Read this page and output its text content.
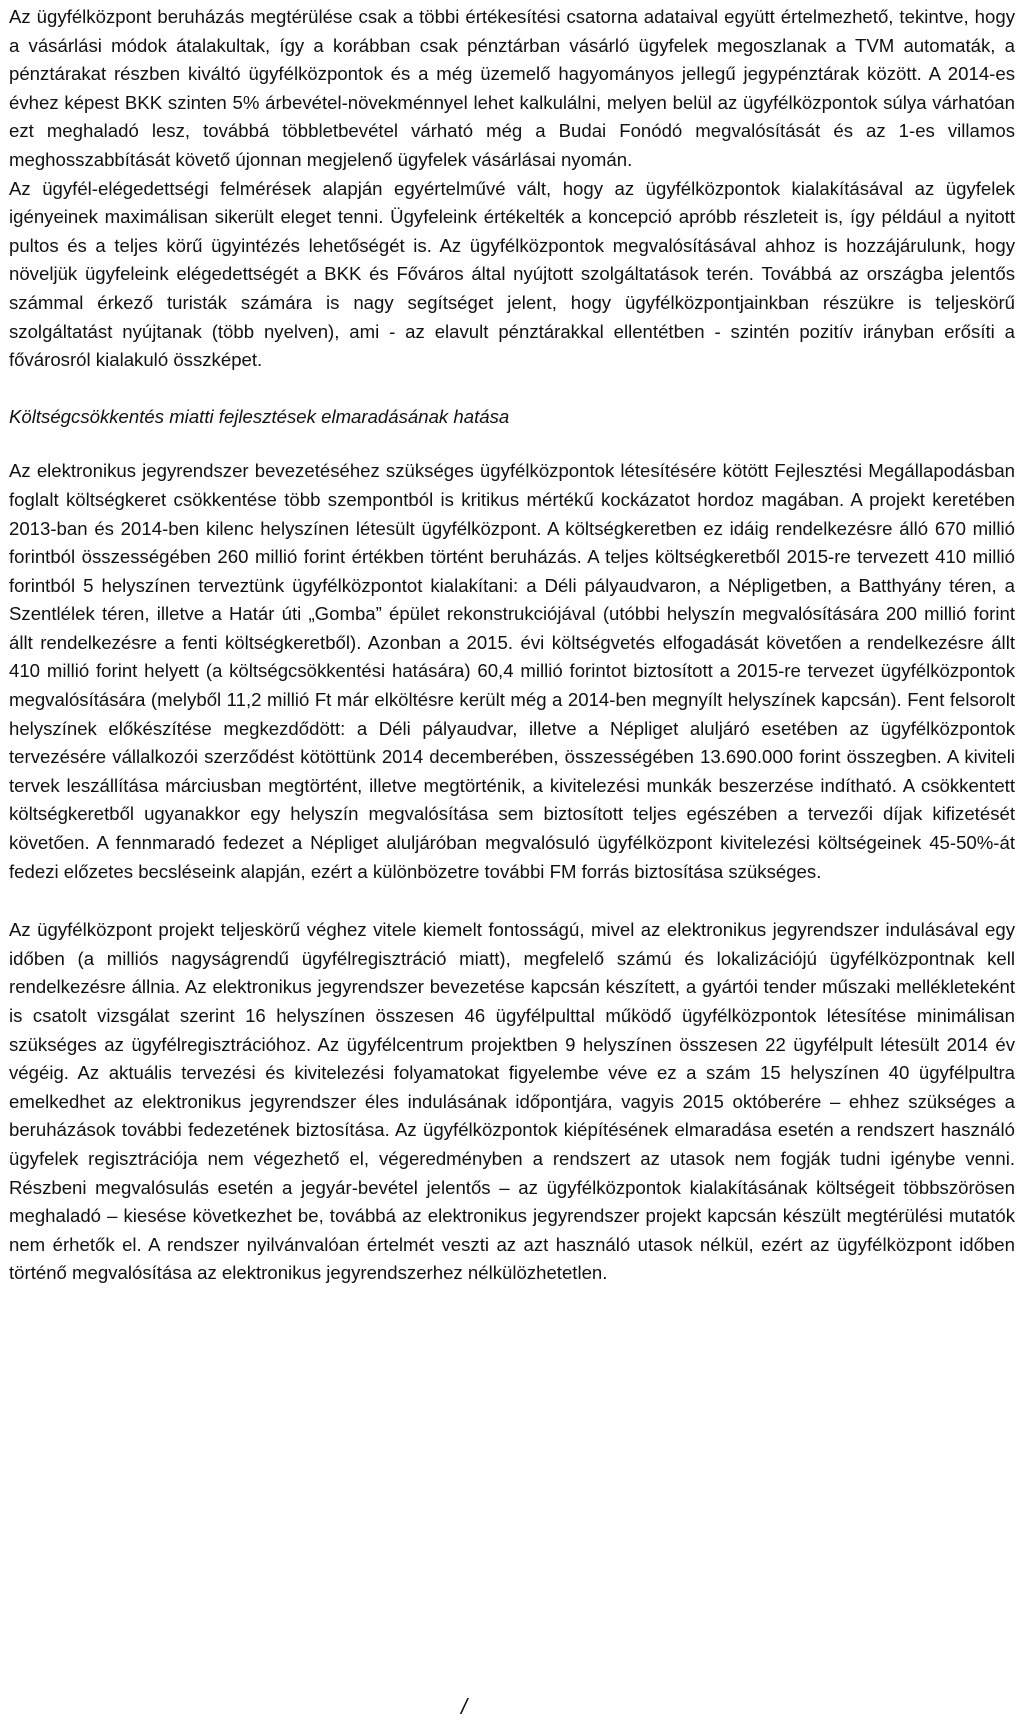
Az ügyfélközpont beruházás megtérülése csak a többi értékesítési csatorna adataival együtt értelmezhető, tekintve, hogy a vásárlási módok átalakultak, így a korábban csak pénztárban vásárló ügyfelek megoszlanak a TVM automaták, a pénztárakat részben kiváltó ügyfélközpontok és a még üzemelő hagyományos jellegű jegypénztárak között. A 2014-es évhez képest BKK szinten 5% árbevétel-növekménnyel lehet kalkulálni, melyen belül az ügyfélközpontok súlya várhatóan ezt meghaladó lesz, továbbá többletbevétel várható még a Budai Fonódó megvalósítását és az 1-es villamos meghosszabbítását követő újonnan megjelenő ügyfelek vásárlásai nyomán.

Az ügyfél-elégedettségi felmérések alapján egyértelművé vált, hogy az ügyfélközpontok kialakításával az ügyfelek igényeinek maximálisan sikerült eleget tenni. Ügyfeleink értékelték a koncepció apróbb részleteit is, így például a nyitott pultos és a teljes körű ügyintézés lehetőségét is. Az ügyfélközpontok megvalósításával ahhoz is hozzájárulunk, hogy növeljük ügyfeleink elégedettségét a BKK és Főváros által nyújtott szolgáltatások terén. Továbbá az országba jelentős számmal érkező turisták számára is nagy segítséget jelent, hogy ügyfélközpontjainkban részükre is teljeskörű szolgáltatást nyújtanak (több nyelven), ami - az elavult pénztárakkal ellentétben - szintén pozitív irányban erősíti a fővárosról kialakuló összképet.

Költségcsökkentés miatti fejlesztések elmaradásának hatása

Az elektronikus jegyrendszer bevezetéséhez szükséges ügyfélközpontok létesítésére kötött Fejlesztési Megállapodásban foglalt költségkeret csökkentése több szempontból is kritikus mértékű kockázatot hordoz magában. A projekt keretében 2013-ban és 2014-ben kilenc helyszínen létesült ügyfélközpont. A költségkeretben ez idáig rendelkezésre álló 670 millió forintból összességében 260 millió forint értékben történt beruházás. A teljes költségkeretből 2015-re tervezett 410 millió forintból 5 helyszínen terveztünk ügyfélközpontot kialakítani: a Déli pályaudvaron, a Népligetben, a Batthyány téren, a Szentlélek téren, illetve a Határ úti „Gomba” épület rekonstrukciójával (utóbbi helyszín megvalósítására 200 millió forint állt rendelkezésre a fenti költségkeretből). Azonban a 2015. évi költségvetés elfogadását követően a rendelkezésre állt 410 millió forint helyett (a költségcsökkentési hatására) 60,4 millió forintot biztosított a 2015-re tervezet ügyfélközpontok megvalósítására (melyből 11,2 millió Ft már elköltésre került még a 2014-ben megnyílt helyszínek kapcsán). Fent felsorolt helyszínek előkészítése megkezdődött: a Déli pályaudvar, illetve a Népliget aluljáró esetében az ügyfélközpontok tervezésére vállalkozói szerződést kötöttünk 2014 decemberében, összességében 13.690.000 forint összegben. A kiviteli tervek leszállítása márciusban megtörtént, illetve megtörténik, a kivitelezési munkák beszerzése indítható. A csökkentett költségkeretből ugyanakkor egy helyszín megvalósítása sem biztosított teljes egészében a tervezői díjak kifizetését követően. A fennmaradó fedezet a Népliget aluljáróban megvalósuló ügyfélközpont kivitelezési költségeinek 45-50%-át fedezi előzetes becsléseink alapján, ezért a különbözetre további FM forrás biztosítása szükséges.

Az ügyfélközpont projekt teljeskörű véghez vitele kiemelt fontosságú, mivel az elektronikus jegyrendszer indulásával egy időben (a milliós nagyságrendű ügyfélregisztráció miatt), megfelelő számú és lokalizációjú ügyfélközpontnak kell rendelkezésre állnia. Az elektronikus jegyrendszer bevezetése kapcsán készített, a gyártói tender műszaki mellékleteként is csatolt vizsgálat szerint 16 helyszínen összesen 46 ügyfélpulttal működő ügyfélközpontok létesítése minimálisan szükséges az ügyfélregisztrációhoz. Az ügyfélcentrum projektben 9 helyszínen összesen 22 ügyfélpult létesült 2014 év végéig. Az aktuális tervezési és kivitelezési folyamatokat figyelembe véve ez a szám 15 helyszínen 40 ügyfélpultra emelkedhet az elektronikus jegyrendszer éles indulásának időpontjára, vagyis 2015 októberére – ehhez szükséges a beruházások további fedezetének biztosítása. Az ügyfélközpontok kiépítésének elmaradása esetén a rendszert használó ügyfelek regisztrációja nem végezhető el, végeredményben a rendszert az utasok nem fogják tudni igénybe venni. Részbeni megvalósulás esetén a jegyár-bevétel jelentős – az ügyfélközpontok kialakításának költségeit többszörösen meghaladó – kiesése következhet be, továbbá az elektronikus jegyrendszer projekt kapcsán készült megtérülési mutatók nem érhetők el. A rendszer nyilvánvalóan értelmét veszti az azt használó utasok nélkül, ezért az ügyfélközpont időben történő megvalósítása az elektronikus jegyrendszerhez nélkülözhetetlen.

/
